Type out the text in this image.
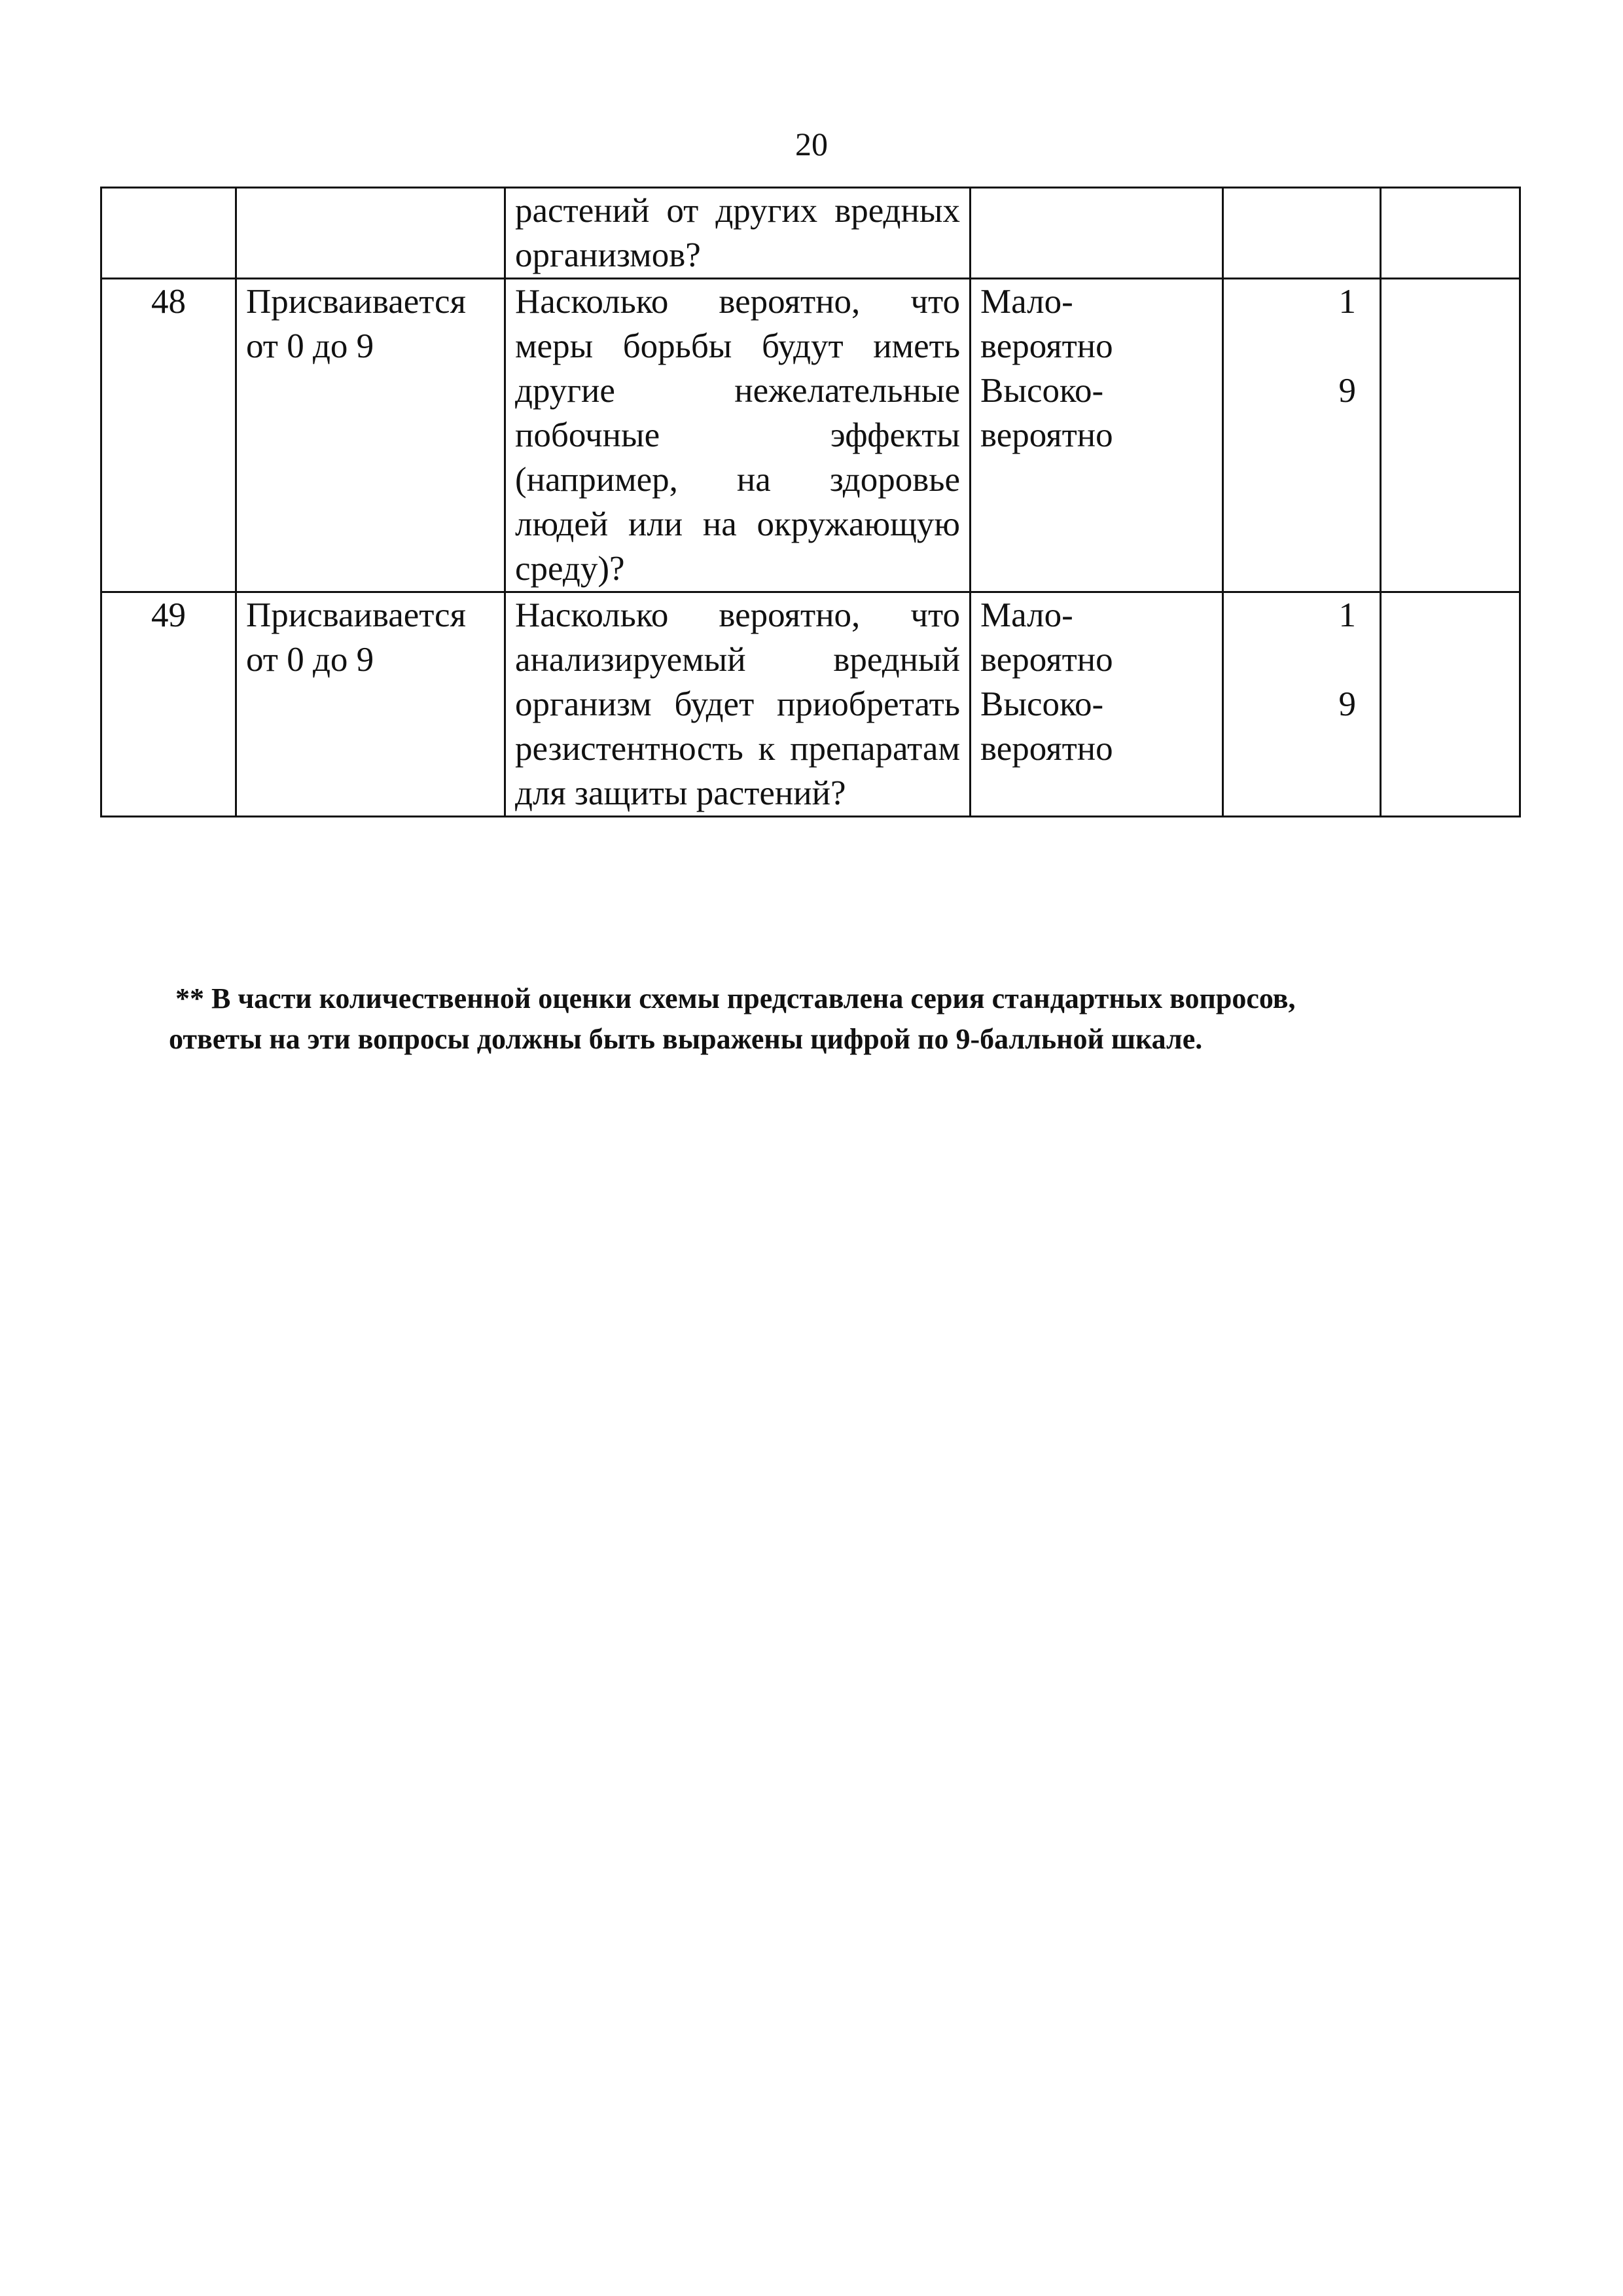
20

		растений от других вредных организмов?			

48	Присваивается от 0 до 9	Насколько вероятно, что меры борьбы будут иметь другие нежелательные побочные эффекты (например, на здоровье людей или на окружающую среду)?	Мало-
вероятно
Высоко-
вероятно	1
9	

49	Присваивается от 0 до 9	Насколько вероятно, что анализируемый вредный организм будет приобретать резистентность к препаратам для защиты растений?	Мало-
вероятно
Высоко-
вероятно	1
9	

** В части количественной оценки схемы представлена серия стандартных вопросов,
ответы на эти вопросы должны быть выражены цифрой по 9-балльной шкале.
